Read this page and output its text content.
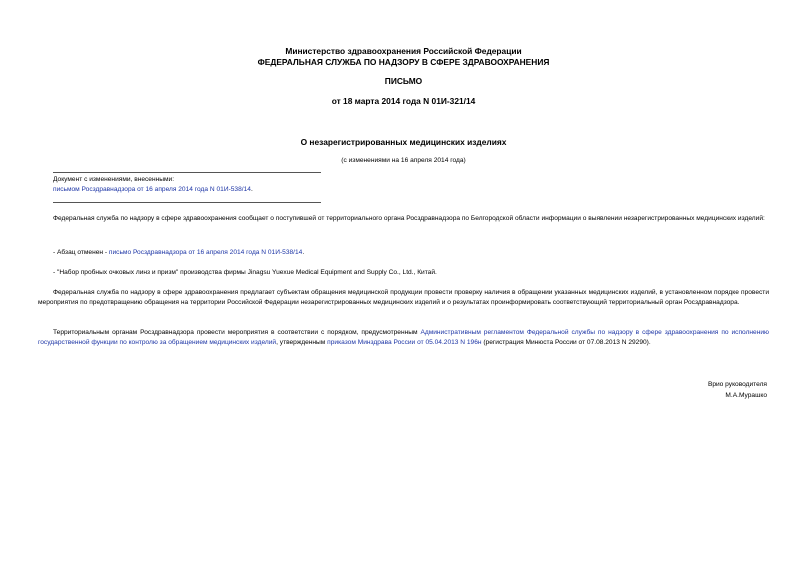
Министерство здравоохранения Российской Федерации
ФЕДЕРАЛЬНАЯ СЛУЖБА ПО НАДЗОРУ В СФЕРЕ ЗДРАВООХРАНЕНИЯ
ПИСЬМО
от 18 марта 2014 года N 01И-321/14
О незарегистрированных медицинских изделиях
(с изменениями на 16 апреля 2014 года)
Документ с изменениями, внесенными:
письмом Росздравнадзора от 16 апреля 2014 года N 01И-538/14.
Федеральная служба по надзору в сфере здравоохранения сообщает о поступившей от территориального органа Росздравнадзора по Белгородской области информации о выявлении незарегистрированных медицинских изделий:
- Абзац отменен - письмо Росздравнадзора от 16 апреля 2014 года N 01И-538/14.
- "Набор пробных очковых линз и призм" производства фирмы Jinagsu Yuexue Medical Equipment and Supply Co., Ltd., Китай.
Федеральная служба по надзору в сфере здравоохранения предлагает субъектам обращения медицинской продукции провести проверку наличия в обращении указанных медицинских изделий, в установленном порядке провести мероприятия по предотвращению обращения на территории Российской Федерации незарегистрированных медицинских изделий и о результатах проинформировать соответствующий территориальный орган Росздравнадзора.
Территориальным органам Росздравнадзора провести мероприятия в соответствии с порядком, предусмотренным Административным регламентом Федеральной службы по надзору в сфере здравоохранения по исполнению государственной функции по контролю за обращением медицинских изделий, утвержденным приказом Минздрава России от 05.04.2013 N 196н (регистрация Минюста России от 07.08.2013 N 29290).
Врио руководителя
М.А.Мурашко
